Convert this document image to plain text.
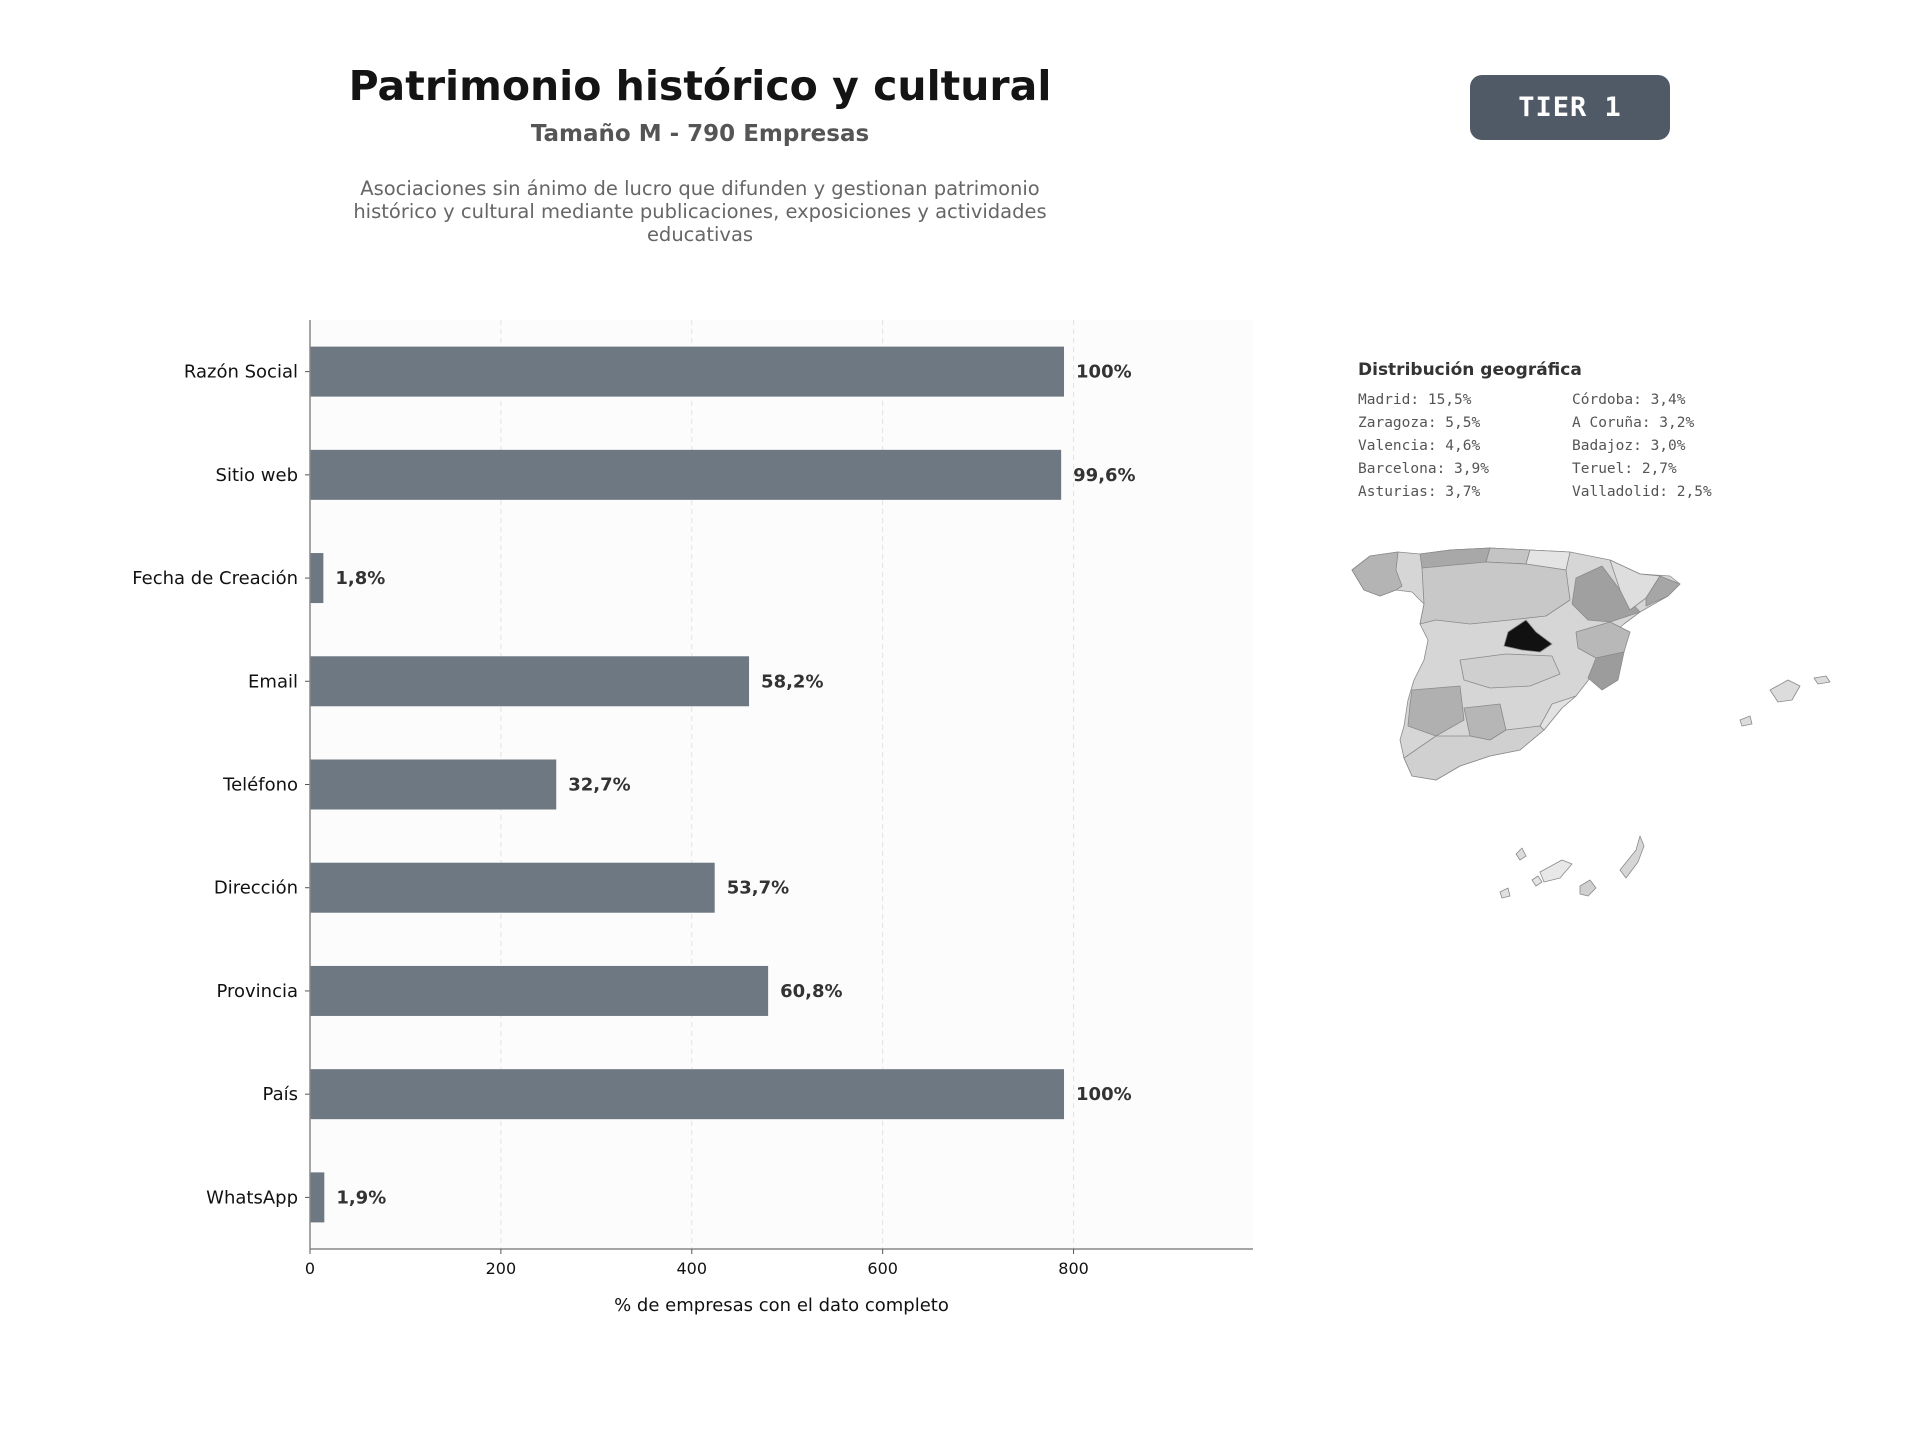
Patrimonio histórico y cultural
Tamaño M - 790 Empresas
Asociaciones sin ánimo de lucro que difunden y gestionan patrimonio histórico y cultural mediante publicaciones, exposiciones y actividades educativas
TIER 1
Razón Social	100%
Sitio web	99,6%
Fecha de Creación 1,8%
Email	58,2%
Teléfono	32,7%
Dirección	53,7%
Provincia	60,8%
País	100%
WhatsApp 1,9%
0	200	400	600	800
% de empresas con el dato completo
Distribución geográfica
Madrid: 15,5%	Córdoba: 3,4%
Zaragoza: 5,5%	A Coruña: 3,2%
Valencia: 4,6%	Badajoz: 3,0%
Barcelona: 3,9%	Teruel: 2,7%
Asturias: 3,7%	Valladolid: 2,5%
